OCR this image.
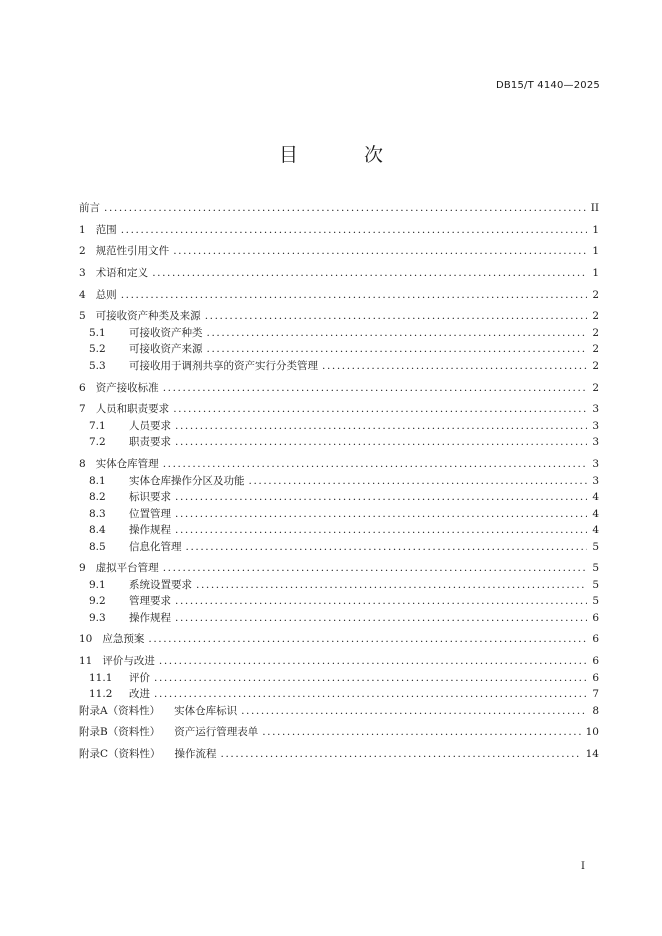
DB15/T 4140—2025
目 次
前言 .....	II
1 范围 .....	1
2 规范性引用文件 .....	1
3 术语和定义 .....	1
4 总则 .....	2
5 可接收资产种类及来源 .....	2
5.1 可接收资产种类 .....	2
5.2 可接收资产来源 .....	2
5.3 可接收用于调剂共享的资产实行分类管理 .....	2
6 资产接收标准 .....	2
7 人员和职责要求 .....	3
7.1 人员要求 .....	3
7.2 职责要求 .....	3
8 实体仓库管理 .....	3
8.1 实体仓库操作分区及功能 .....	3
8.2 标识要求 .....	4
8.3 位置管理 .....	4
8.4 操作规程 .....	4
8.5 信息化管理 .....	5
9 虚拟平台管理 .....	5
9.1 系统设置要求 .....	5
9.2 管理要求 .....	5
9.3 操作规程 .....	6
10 应急预案 .....	6
11 评价与改进 .....	6
11.1 评价 .....	6
11.2 改进 .....	7
附录A（资料性） 实体仓库标识 .....	8
附录B（资料性） 资产运行管理表单 .....	10
附录C（资料性） 操作流程 .....	14
I
